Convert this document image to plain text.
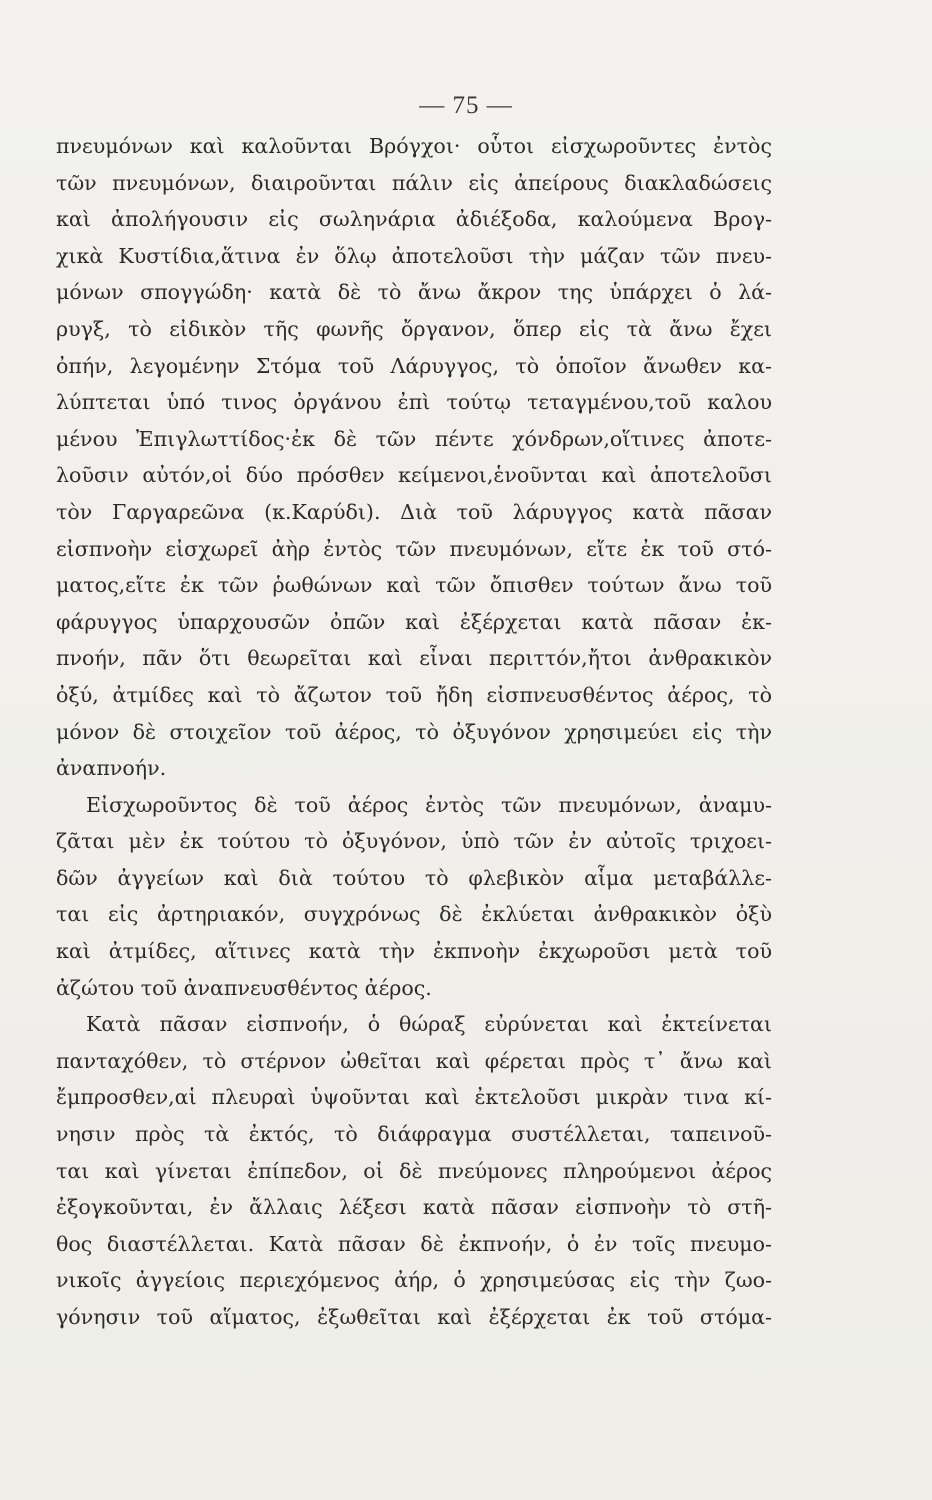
— 75 —
πνευμόνων καὶ καλοῦνται Βρόγχοι· οὗτοι εἰσχωροῦντες ἐντὸς
τῶν πνευμόνων, διαιροῦνται πάλιν εἰς ἀπείρους διακλαδώσεις
καὶ ἀπολήγουσιν εἰς σωληνάρια ἀδιέξοδα, καλούμενα Βρογ-
χικὰ Κυστίδια,ἅτινα ἐν ὅλῳ ἀποτελοῦσι τὴν μάζαν τῶν πνευ-
μόνων σπογγώδη· κατὰ δὲ τὸ ἄνω ἄκρον της ὑπάρχει ὁ λά-
ρυγξ, τὸ εἰδικὸν τῆς φωνῆς ὄργανον, ὅπερ εἰς τὰ ἄνω ἔχει
ὀπήν, λεγομένην Στόμα τοῦ Λάρυγγος, τὸ ὁποῖον ἄνωθεν κα-
λύπτεται ὑπό τινος ὀργάνου ἐπὶ τούτῳ τεταγμένου,τοῦ καλου
μένου Ἐπιγλωττίδος·ἐκ δὲ τῶν πέντε χόνδρων,οἵτινες ἀποτε-
λοῦσιν αὐτόν,οἱ δύο πρόσθεν κείμενοι,ἑνοῦνται καὶ ἀποτελοῦσι
τὸν Γαργαρεῶνα (κ.Καρύδι). Διὰ τοῦ λάρυγγος κατὰ πᾶσαν
εἰσπνοὴν εἰσχωρεῖ ἀὴρ ἐντὸς τῶν πνευμόνων, εἴτε ἐκ τοῦ στό-
ματος,εἴτε ἐκ τῶν ῥωθώνων καὶ τῶν ὄπισθεν τούτων ἄνω τοῦ
φάρυγγος ὑπαρχουσῶν ὀπῶν καὶ ἐξέρχεται κατὰ πᾶσαν ἐκ-
πνοήν, πᾶν ὅτι θεωρεῖται καὶ εἶναι περιττόν,ἤτοι ἀνθρακικὸν
ὀξύ, ἀτμίδες καὶ τὸ ἄζωτον τοῦ ἤδη εἰσπνευσθέντος ἀέρος, τὸ
μόνον δὲ στοιχεῖον τοῦ ἀέρος, τὸ ὀξυγόνον χρησιμεύει εἰς τὴν
ἀναπνοήν.
Εἰσχωροῦντος δὲ τοῦ ἀέρος ἐντὸς τῶν πνευμόνων, ἀναμυ-
ζᾶται μὲν ἐκ τούτου τὸ ὀξυγόνον, ὑπὸ τῶν ἐν αὐτοῖς τριχοει-
δῶν ἀγγείων καὶ διὰ τούτου τὸ φλεβικὸν αἷμα μεταβάλλε-
ται εἰς ἀρτηριακόν, συγχρόνως δὲ ἐκλύεται ἀνθρακικὸν ὀξὺ
καὶ ἀτμίδες, αἵτινες κατὰ τὴν ἐκπνοὴν ἐκχωροῦσι μετὰ τοῦ
ἀζώτου τοῦ ἀναπνευσθέντος ἀέρος.
Κατὰ πᾶσαν εἰσπνοήν, ὁ θώραξ εὐρύνεται καὶ ἐκτείνεται
πανταχόθεν, τὸ στέρνον ὠθεῖται καὶ φέρεται πρὸς τ᾽ ἄνω καὶ
ἔμπροσθεν,αἱ πλευραὶ ὑψοῦνται καὶ ἐκτελοῦσι μικρὰν τινα κί-
νησιν πρὸς τὰ ἐκτός, τὸ διάφραγμα συστέλλεται, ταπεινοῦ-
ται καὶ γίνεται ἐπίπεδον, οἱ δὲ πνεύμονες πληρούμενοι ἀέρος
ἐξογκοῦνται, ἐν ἄλλαις λέξεσι κατὰ πᾶσαν εἰσπνοὴν τὸ στῆ-
θος διαστέλλεται. Κατὰ πᾶσαν δὲ ἐκπνοήν, ὁ ἐν τοῖς πνευμο-
νικοῖς ἀγγείοις περιεχόμενος ἀήρ, ὁ χρησιμεύσας εἰς τὴν ζωο-
γόνησιν τοῦ αἵματος, ἐξωθεῖται καὶ ἐξέρχεται ἐκ τοῦ στόμα-
